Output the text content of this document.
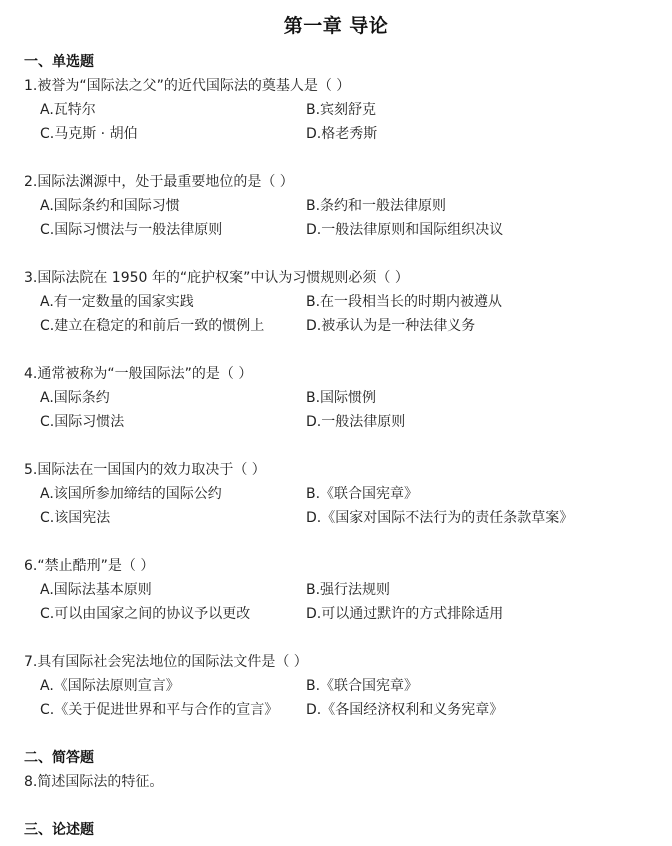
第一章 导论
一、单选题
1.被誉为“国际法之父”的近代国际法的奠基人是（ ）
A.瓦特尔	B.宾刻舒克
C.马克斯 · 胡伯	D.格老秀斯
2.国际法渊源中，处于最重要地位的是（ ）
A.国际条约和国际习惯	B.条约和一般法律原则
C.国际习惯法与一般法律原则	D.一般法律原则和国际组织决议
3.国际法院在 1950 年的“庇护权案”中认为习惯规则必须（ ）
A.有一定数量的国家实践	B.在一段相当长的时期内被遵从
C.建立在稳定的和前后一致的惯例上	D.被承认为是一种法律义务
4.通常被称为“一般国际法”的是（ ）
A.国际条约	B.国际惯例
C.国际习惯法	D.一般法律原则
5.国际法在一国国内的效力取决于（ ）
A.该国所参加缔结的国际公约	B.《联合国宪章》
C.该国宪法	D.《国家对国际不法行为的责任条款草案》
6.“禁止酷刑”是（ ）
A.国际法基本原则	B.强行法规则
C.可以由国家之间的协议予以更改	D.可以通过默许的方式排除适用
7.具有国际社会宪法地位的国际法文件是（ ）
A.《国际法原则宣言》	B.《联合国宪章》
C.《关于促进世界和平与合作的宣言》 D.《各国经济权利和义务宪章》
二、简答题
8.简述国际法的特征。
三、论述题
